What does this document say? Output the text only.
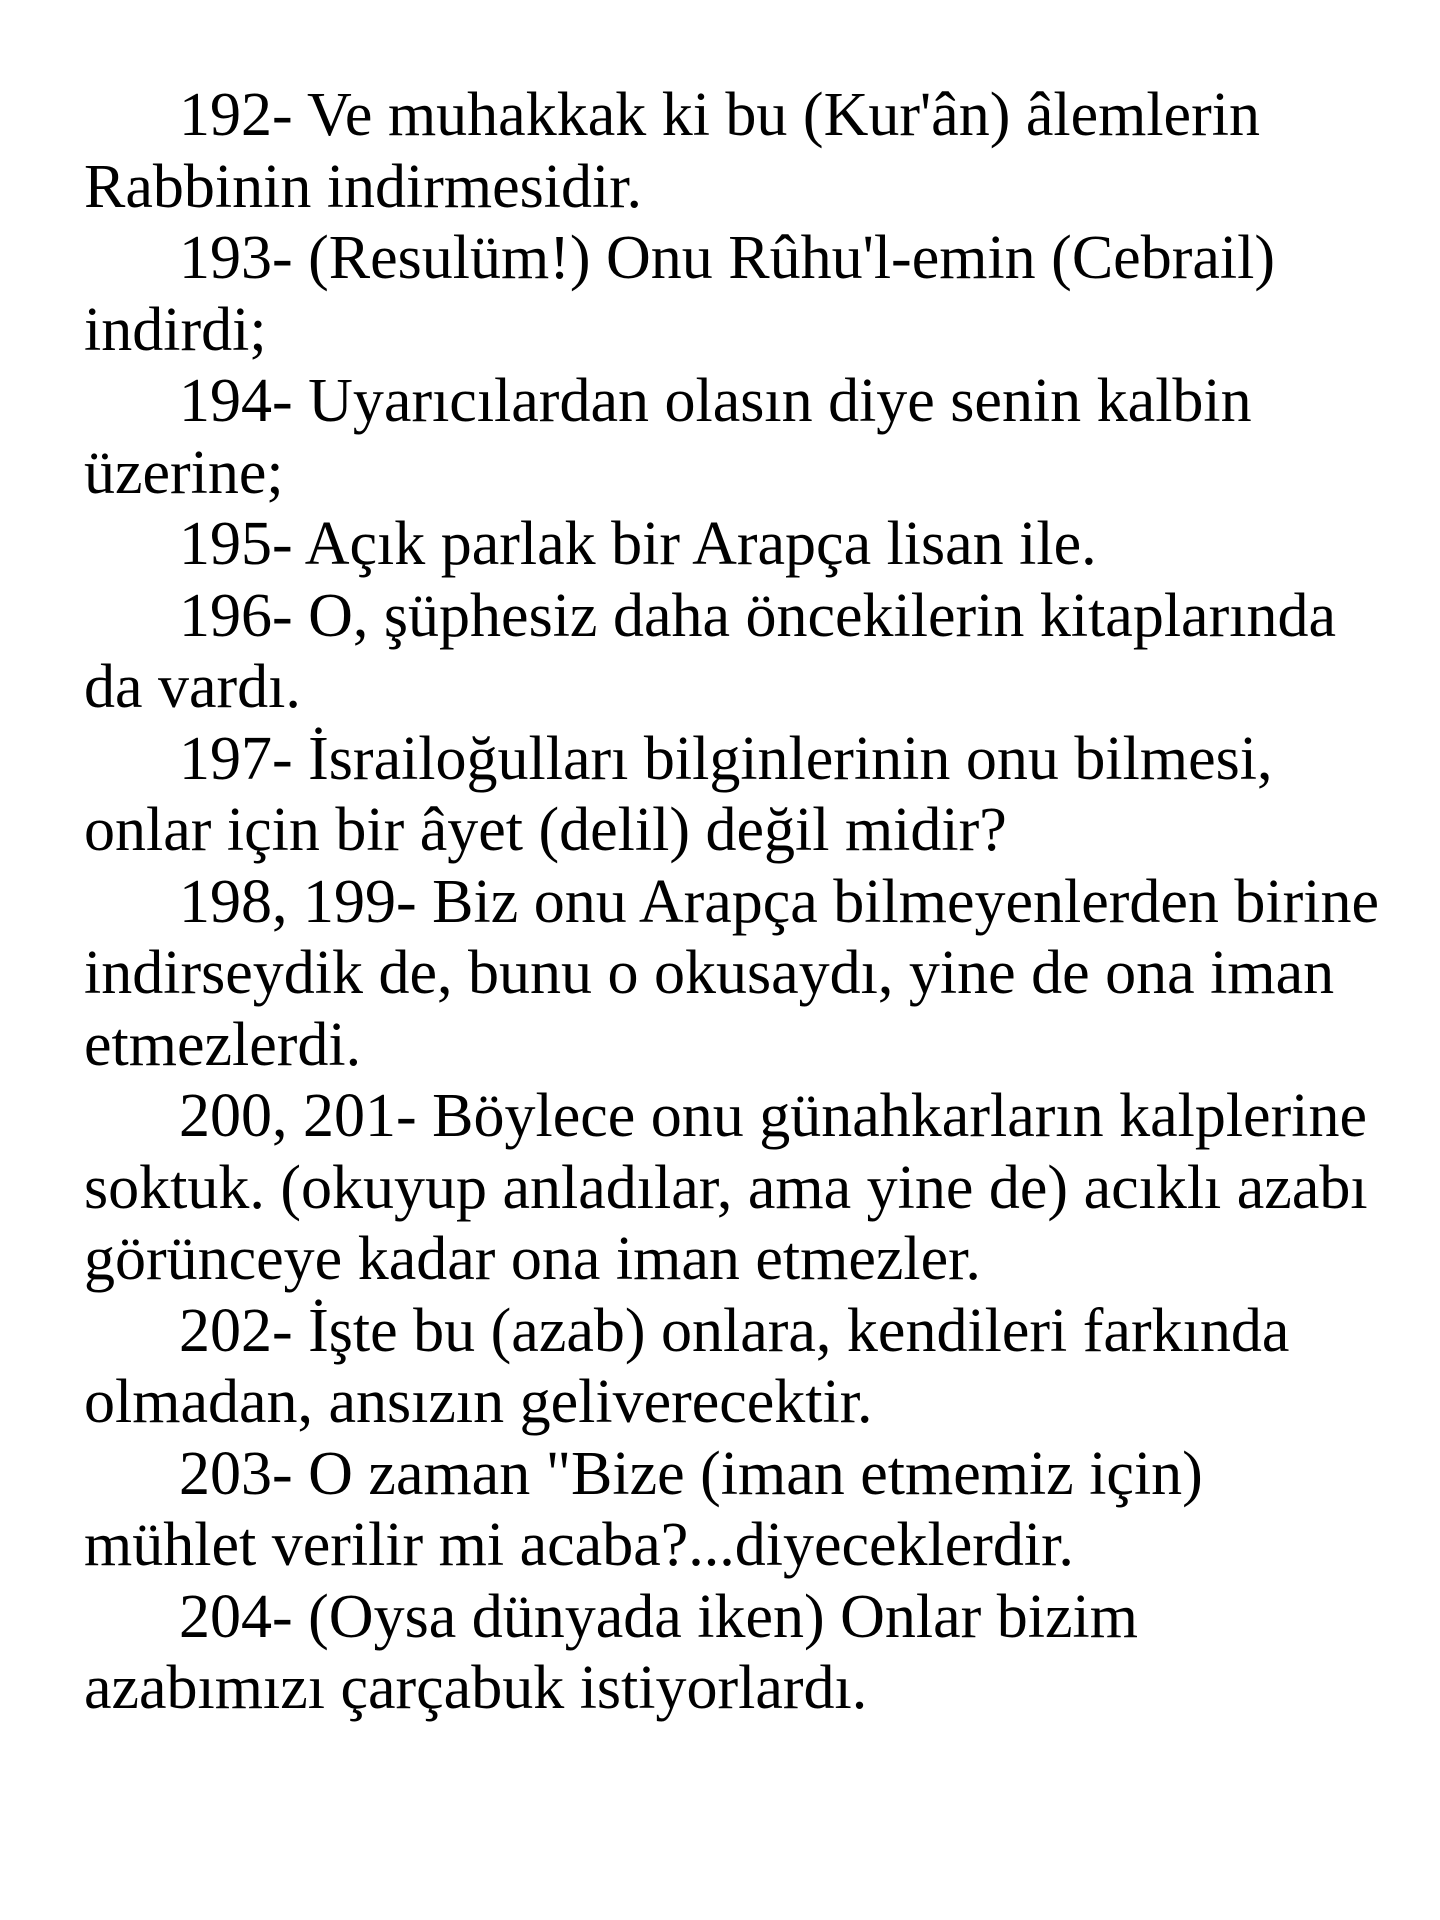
192- Ve muhakkak ki bu (Kur'ân) âlemlerin Rabbinin indirmesidir.

193- (Resulüm!) Onu Rûhu'l-emin (Cebrail) indirdi;

194- Uyarıcılardan olasın diye senin kalbin üzerine;

195- Açık parlak bir Arapça lisan ile.

196- O, şüphesiz daha öncekilerin kitaplarında da vardı.

197- İsrailoğulları bilginlerinin onu bilmesi, onlar için bir âyet (delil) değil midir?

198, 199- Biz onu Arapça bilmeyenlerden birine indirseydik de, bunu o okusaydı, yine de ona iman etmezlerdi.

200, 201- Böylece onu günahkarların kalplerine soktuk. (okuyup anladılar, ama yine de) acıklı azabı görünceye kadar ona iman etmezler.

202- İşte bu (azab) onlara, kendileri farkında olmadan, ansızın geliverecektir.

203- O zaman "Bize (iman etmemiz için) mühlet verilir mi acaba?...diyeceklerdir.

204- (Oysa dünyada iken) Onlar bizim azabımızı çarçabuk istiyorlardı.
